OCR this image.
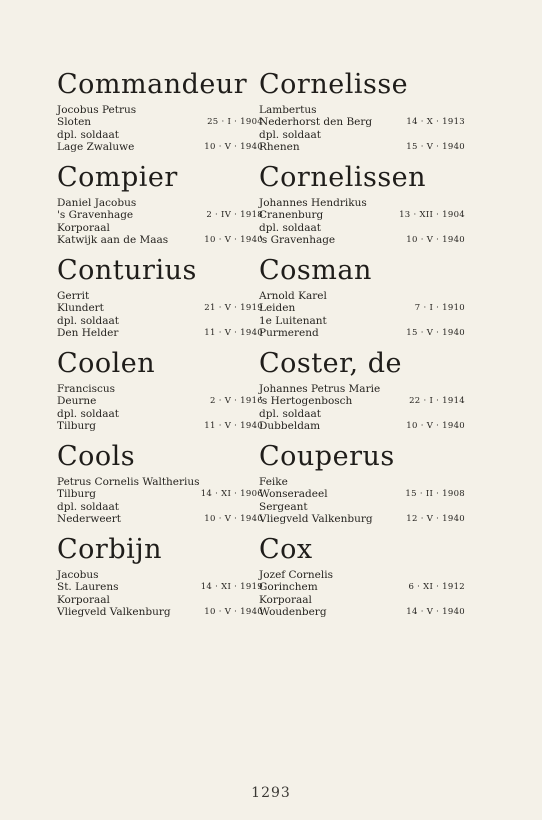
Commandeur
Jocobus Petrus
Sloten	25 · I · 1904
dpl. soldaat
Lage Zwaluwe	10 · V · 1940
Compier
Daniel Jacobus
's Gravenhage	2 · IV · 1918
Korporaal
Katwijk aan de Maas	10 · V · 1940
Conturius
Gerrit
Klundert	21 · V · 1919
dpl. soldaat
Den Helder	11 · V · 1940
Coolen
Franciscus
Deurne	2 · V · 1916
dpl. soldaat
Tilburg	11 · V · 1940
Cools
Petrus Cornelis Waltherius
Tilburg	14 · XI · 1906
dpl. soldaat
Nederweert	10 · V · 1940
Corbijn
Jacobus
St. Laurens	14 · XI · 1919
Korporaal
Vliegveld Valkenburg	10 · V · 1940
Cornelisse
Lambertus
Nederhorst den Berg	14 · X · 1913
dpl. soldaat
Rhenen	15 · V · 1940
Cornelissen
Johannes Hendrikus
Cranenburg	13 · XII · 1904
dpl. soldaat
's Gravenhage	10 · V · 1940
Cosman
Arnold Karel
Leiden	7 · I · 1910
1e Luitenant
Purmerend	15 · V · 1940
Coster, de
Johannes Petrus Marie
's Hertogenbosch	22 · I · 1914
dpl. soldaat
Dubbeldam	10 · V · 1940
Couperus
Feike
Wonseradeel	15 · II · 1908
Sergeant
Vliegveld Valkenburg	12 · V · 1940
Cox
Jozef Cornelis
Gorinchem	6 · XI · 1912
Korporaal
Woudenberg	14 · V · 1940
1293
